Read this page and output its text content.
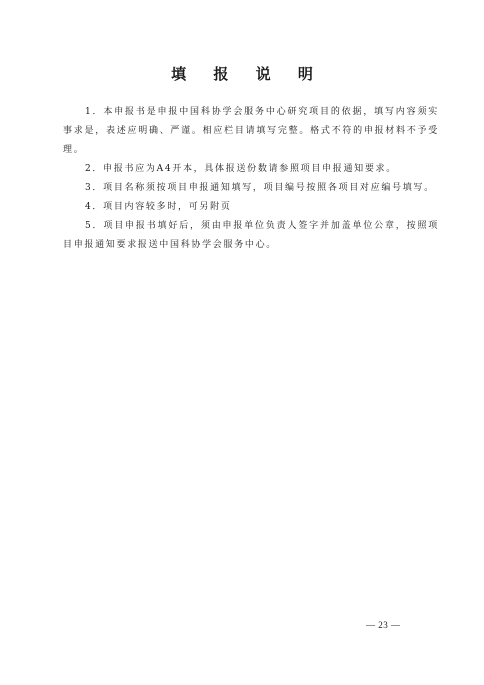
填 报 说 明

1．本申报书是申报中国科协学会服务中心研究项目的依据，填写内容须实事求是，表述应明确、严谨。相应栏目请填写完整。格式不符的申报材料不予受理。

2．申报书应为A4开本，具体报送份数请参照项目申报通知要求。

3．项目名称须按项目申报通知填写，项目编号按照各项目对应编号填写。

4．项目内容较多时，可另附页

5．项目申报书填好后，须由申报单位负责人签字并加盖单位公章，按照项目申报通知要求报送中国科协学会服务中心。

— 23 —
